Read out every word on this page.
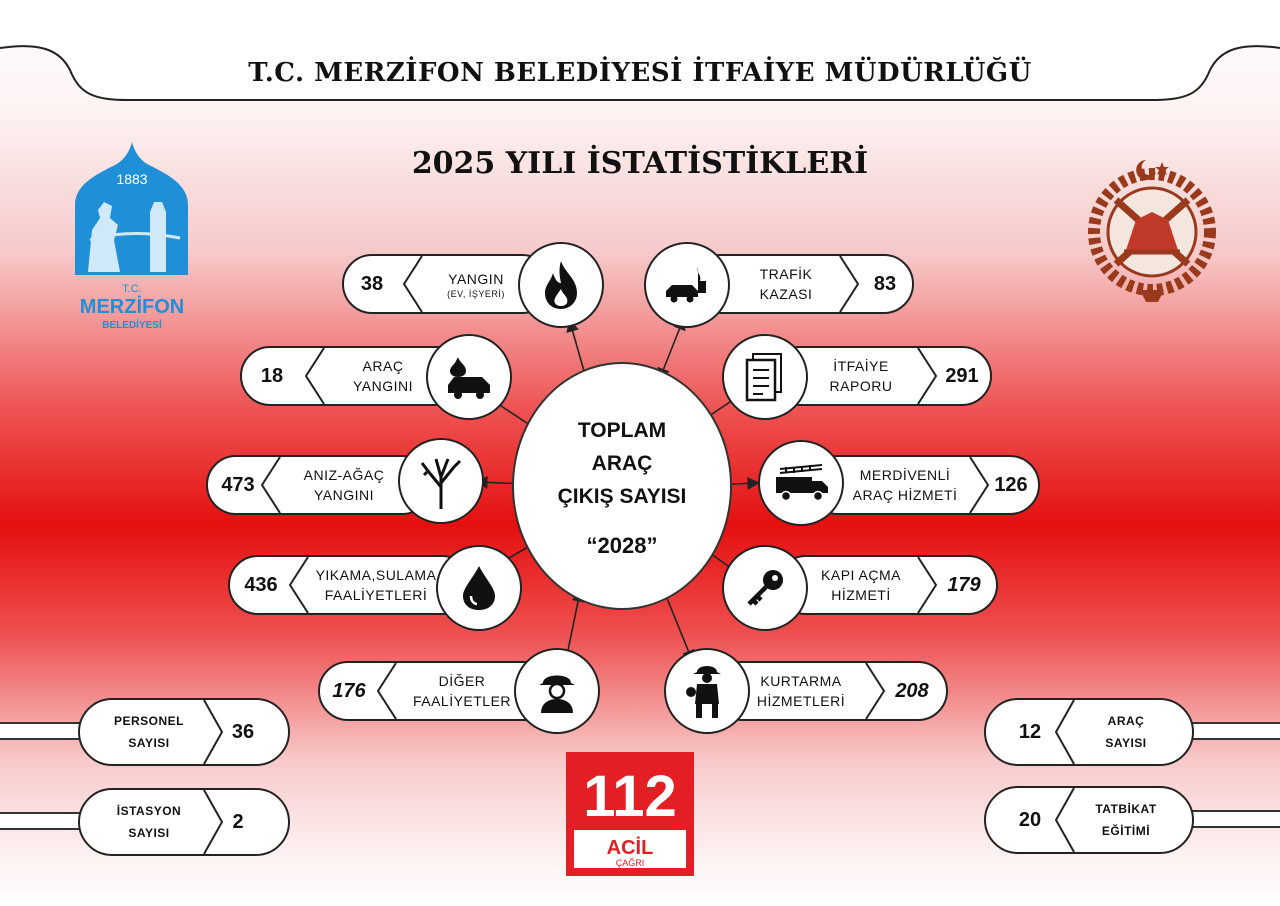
T.C. MERZİFON BELEDİYESİ İTFAİYE MÜDÜRLÜĞÜ
2025 YILI İSTATİSTİKLERİ
1883
T.C.
MERZİFON
BELEDİYESİ
TOPLAM
ARAÇ
ÇIKIŞ SAYISI
“2028”
38	YANGIN
(EV, İŞYERİ)
18	ARAÇ
YANGINI
473	ANIZ-AĞAÇ
YANGINI
436	YIKAMA,SULAMA
FAALİYETLERİ
176	DİĞER
FAALİYETLER
TRAFİK
KAZASI	83
İTFAİYE
RAPORU	291
MERDİVENLİ
ARAÇ HİZMETİ	126
KAPI AÇMA
HİZMETİ	179
KURTARMA
HİZMETLERİ	208
PERSONEL
SAYISI	36
İSTASYON
SAYISI	2
12	ARAÇ
SAYISI
20	TATBİKAT
EĞİTİMİ
112
ACİL
ÇAĞRI
